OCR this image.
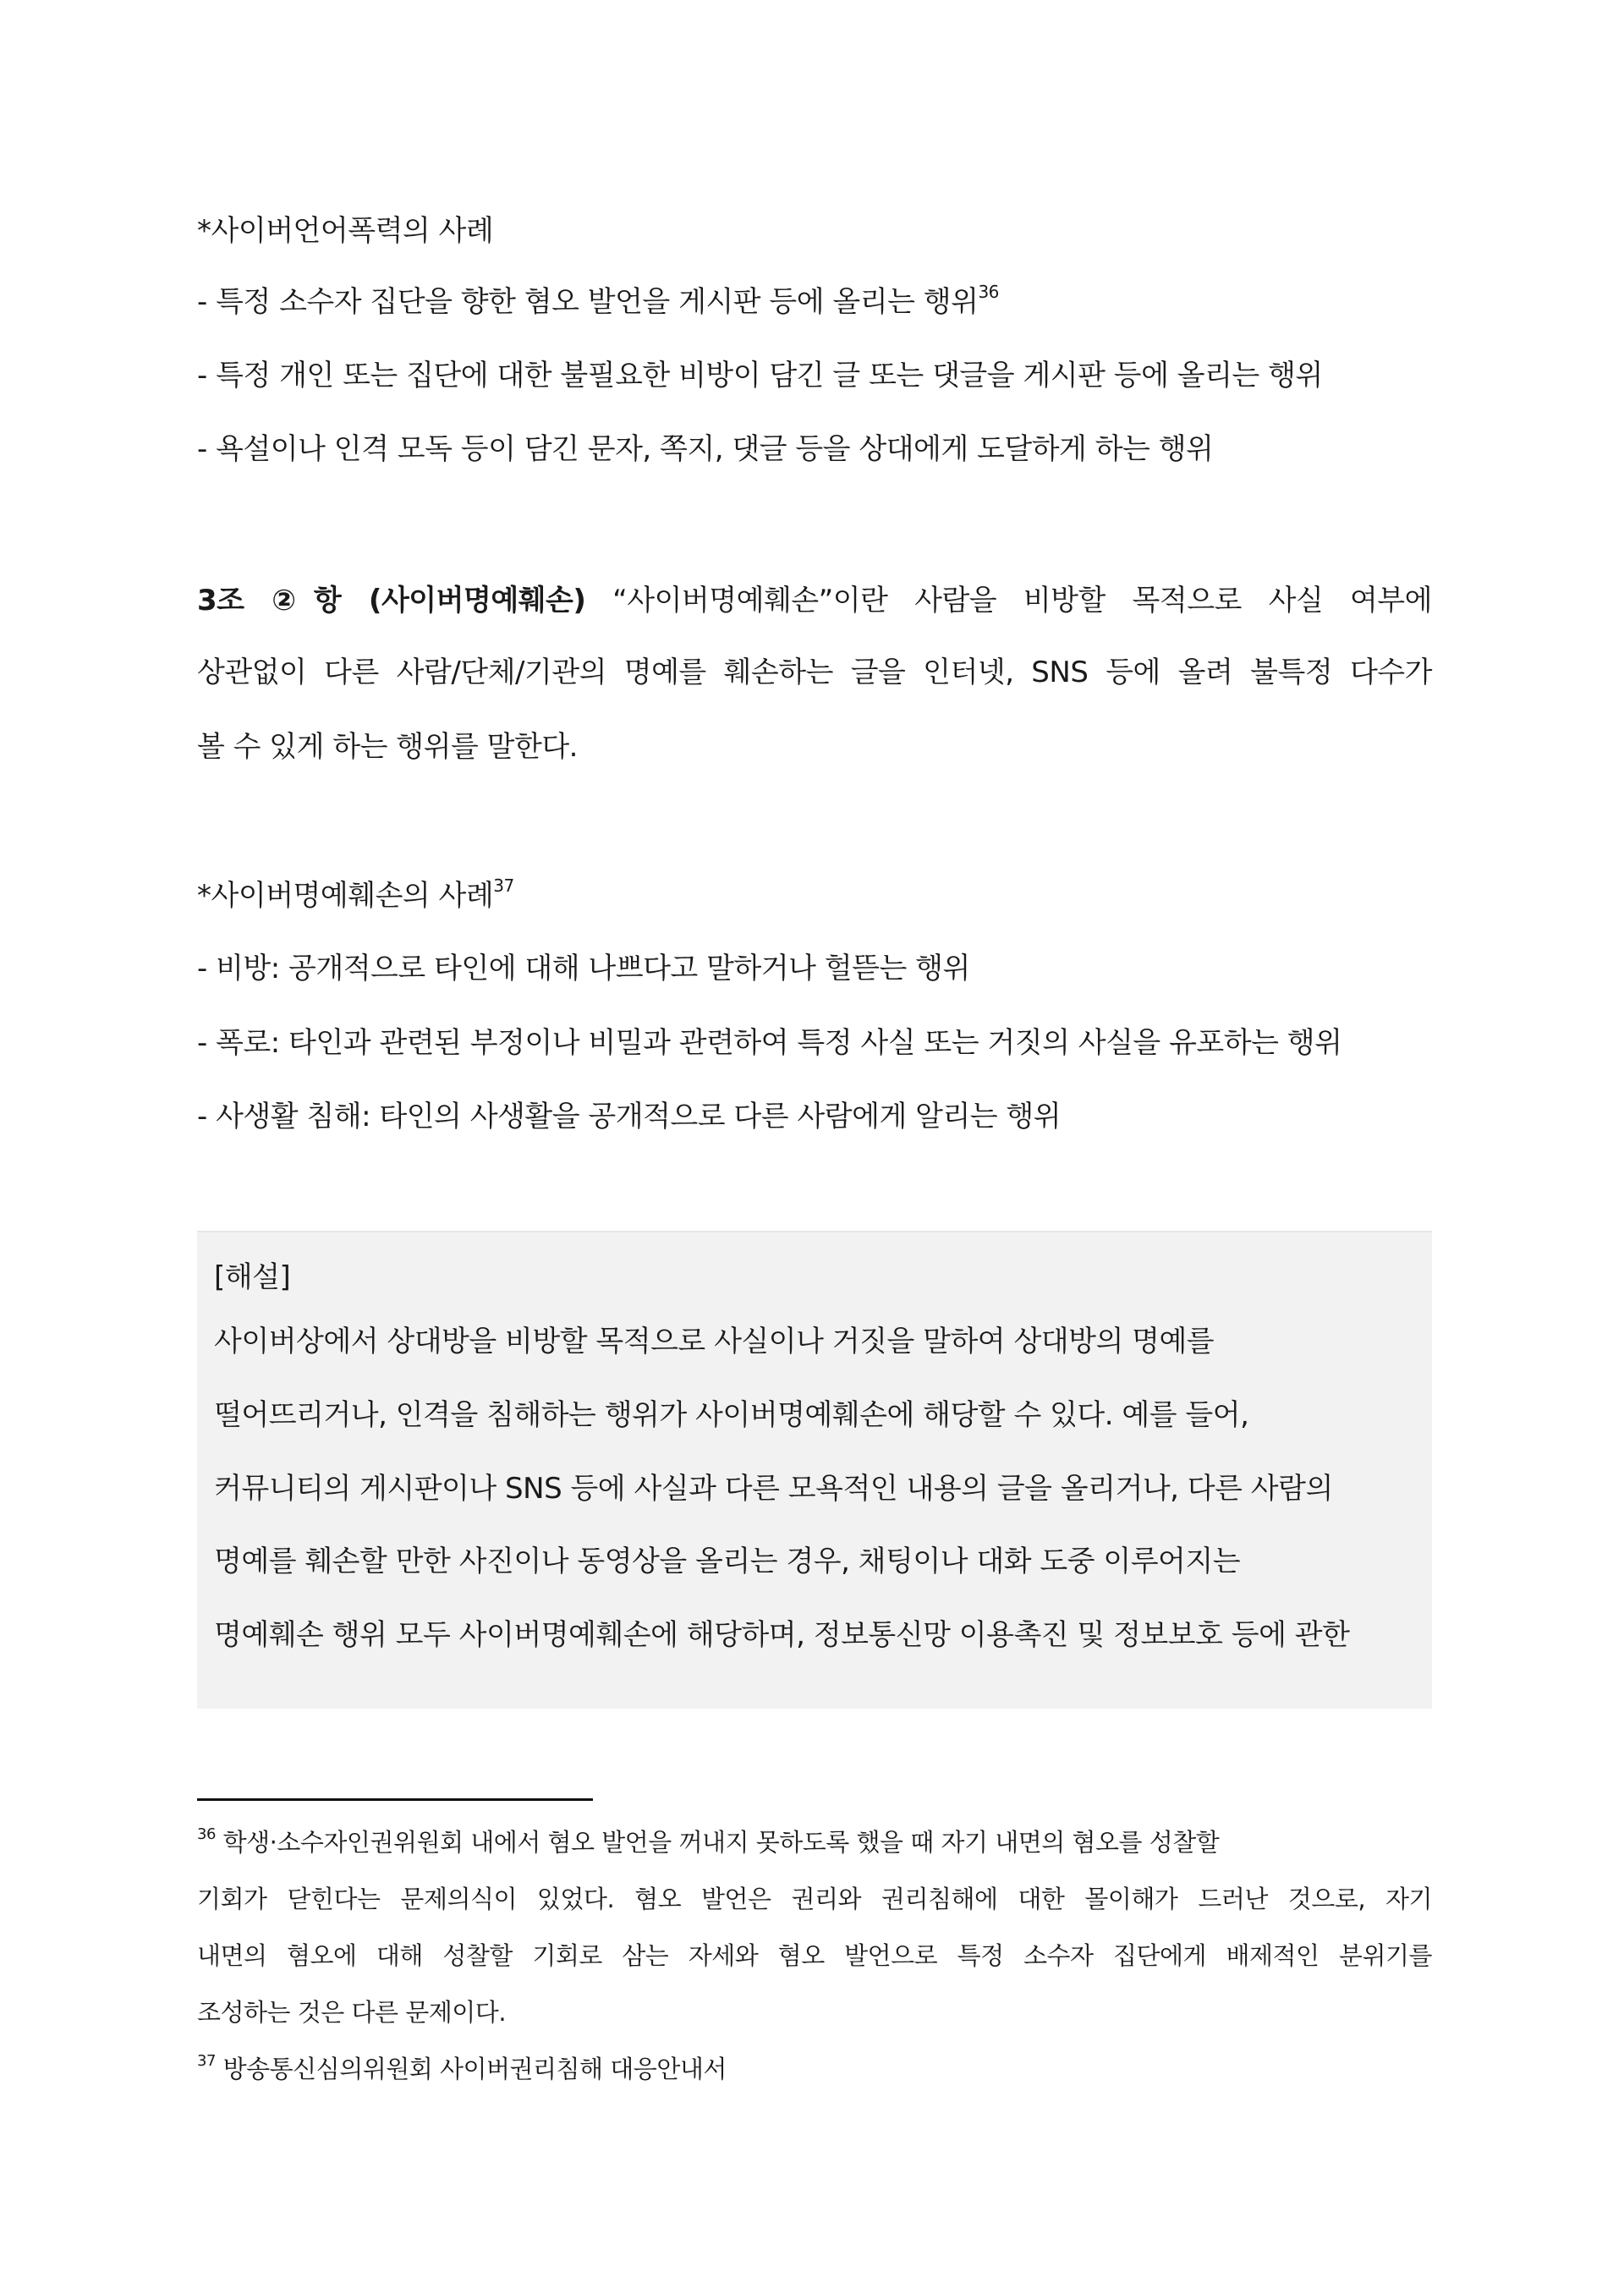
*사이버언어폭력의 사례
- 특정 소수자 집단을 향한 혐오 발언을 게시판 등에 올리는 행위$^{36}$
- 특정 개인 또는 집단에 대한 불필요한 비방이 담긴 글 또는 댓글을 게시판 등에 올리는 행위
- 욕설이나 인격 모독 등이 담긴 문자, 쪽지, 댓글 등을 상대에게 도달하게 하는 행위
3조 ②항 (사이버명예훼손) “사이버명예훼손”이란 사람을 비방할 목적으로 사실 여부에
상관없이 다른 사람/단체/기관의 명예를 훼손하는 글을 인터넷, SNS 등에 올려 불특정 다수가
볼 수 있게 하는 행위를 말한다.
*사이버명예훼손의 사례$^{37}$
- 비방: 공개적으로 타인에 대해 나쁘다고 말하거나 헐뜯는 행위
- 폭로: 타인과 관련된 부정이나 비밀과 관련하여 특정 사실 또는 거짓의 사실을 유포하는 행위
- 사생활 침해: 타인의 사생활을 공개적으로 다른 사람에게 알리는 행위
[해설]
사이버상에서 상대방을 비방할 목적으로 사실이나 거짓을 말하여 상대방의 명예를
떨어뜨리거나, 인격을 침해하는 행위가 사이버명예훼손에 해당할 수 있다. 예를 들어,
커뮤니티의 게시판이나 SNS 등에 사실과 다른 모욕적인 내용의 글을 올리거나, 다른 사람의
명예를 훼손할 만한 사진이나 동영상을 올리는 경우, 채팅이나 대화 도중 이루어지는
명예훼손 행위 모두 사이버명예훼손에 해당하며, 정보통신망 이용촉진 및 정보보호 등에 관한
$^{36}$ 학생·소수자인권위원회 내에서 혐오 발언을 꺼내지 못하도록 했을 때 자기 내면의 혐오를 성찰할
기회가 닫힌다는 문제의식이 있었다. 혐오 발언은 권리와 권리침해에 대한 몰이해가 드러난 것으로, 자기
내면의 혐오에 대해 성찰할 기회로 삼는 자세와 혐오 발언으로 특정 소수자 집단에게 배제적인 분위기를
조성하는 것은 다른 문제이다.
$^{37}$ 방송통신심의위원회 사이버권리침해 대응안내서
